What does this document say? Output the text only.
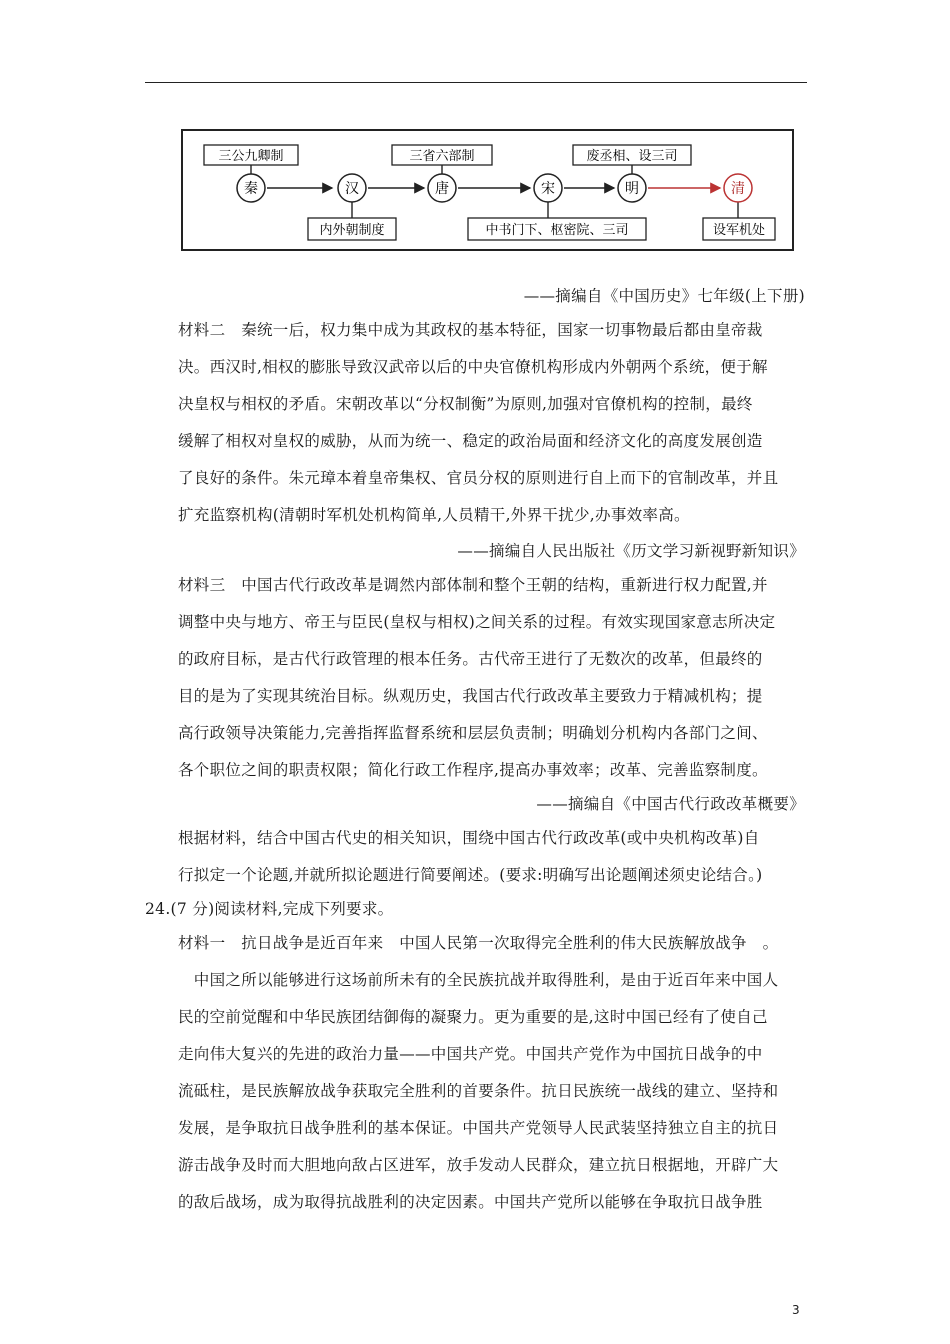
三公九卿制	三省六部制	废丞相、设三司
秦	汉	唐	宋	明	清
内外朝制度	中书门下、枢密院、三司	设军机处
——摘编自《中国历史》七年级(上下册)
材料二　秦统一后，权力集中成为其政权的基本特征，国家一切事物最后都由皇帝裁
决。西汉时,相权的膨胀导致汉武帝以后的中央官僚机构形成内外朝两个系统，便于解
决皇权与相权的矛盾。宋朝改革以“分权制衡”为原则,加强对官僚机构的控制，最终
缓解了相权对皇权的威胁，从而为统一、稳定的政治局面和经济文化的高度发展创造
了良好的条件。朱元璋本着皇帝集权、官员分权的原则进行自上而下的官制改革，并且
扩充监察机构(清朝时军机处机构简单,人员精干,外界干扰少,办事效率高。
——摘编自人民出版社《历文学习新视野新知识》
材料三　中国古代行政改革是调然内部体制和整个王朝的结构，重新进行权力配置,并
调整中央与地方、帝王与臣民(皇权与相权)之间关系的过程。有效实现国家意志所决定
的政府目标，是古代行政管理的根本任务。古代帝王进行了无数次的改革，但最终的
目的是为了实现其统治目标。纵观历史，我国古代行政改革主要致力于精减机构；提
高行政领导决策能力,完善指挥监督系统和层层负责制；明确划分机构内各部门之间、
各个职位之间的职责权限；简化行政工作程序,提高办事效率；改革、完善监察制度。
——摘编自《中国古代行政改革概要》
根据材料，结合中国古代史的相关知识，围绕中国古代行政改革(或中央机构改革)自
行拟定一个论题,并就所拟论题进行简要阐述。(要求:明确写出论题阐述须史论结合。)
24.(7 分)阅读材料,完成下列要求。
材料一　抗日战争是近百年来　中国人民第一次取得完全胜利的伟大民族解放战争　。
　中国之所以能够进行这场前所未有的全民族抗战并取得胜利，是由于近百年来中国人
民的空前觉醒和中华民族团结御侮的凝聚力。更为重要的是,这时中国已经有了使自己
走向伟大复兴的先进的政治力量——中国共产党。中国共产党作为中国抗日战争的中
流砥柱，是民族解放战争获取完全胜利的首要条件。抗日民族统一战线的建立、坚持和
发展，是争取抗日战争胜利的基本保证。中国共产党领导人民武装坚持独立自主的抗日
游击战争及时而大胆地向敌占区进军，放手发动人民群众，建立抗日根据地，开辟广大
的敌后战场，成为取得抗战胜利的决定因素。中国共产党所以能够在争取抗日战争胜
3
